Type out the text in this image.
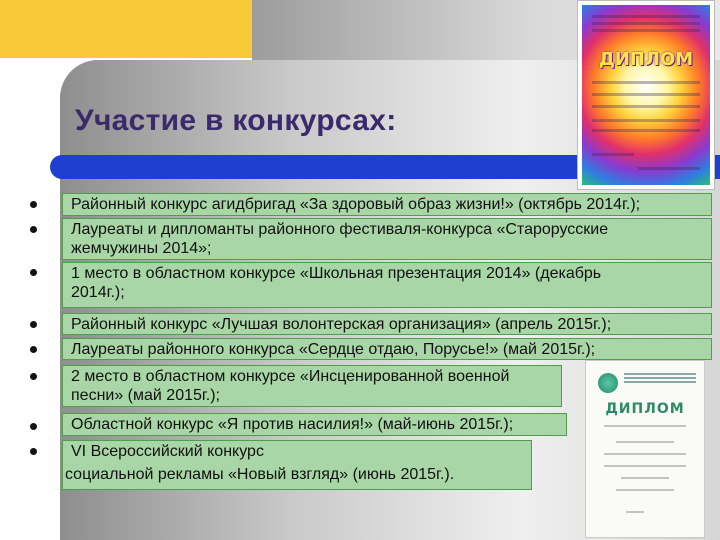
Участие в конкурсах:
ДИПЛОМ
ДИПЛОМ
Районный конкурс агидбригад «За здоровый образ жизни!» (октябрь 2014г.);
Лауреаты и дипломанты районного фестиваля-конкурса «Старорусские
жемчужины 2014»;
1 место в областном конкурсе «Школьная презентация 2014» (декабрь
2014г.);
Районный конкурс «Лучшая волонтерская организация» (апрель 2015г.);
Лауреаты районного конкурса «Сердце отдаю, Порусье!» (май 2015г.);
2 место в областном конкурсе «Инсценированной военной
песни» (май 2015г.);
Областной конкурс «Я против насилия!» (май-июнь 2015г.);
VI Всероссийский конкурс
социальной рекламы «Новый взгляд» (июнь 2015г.).
